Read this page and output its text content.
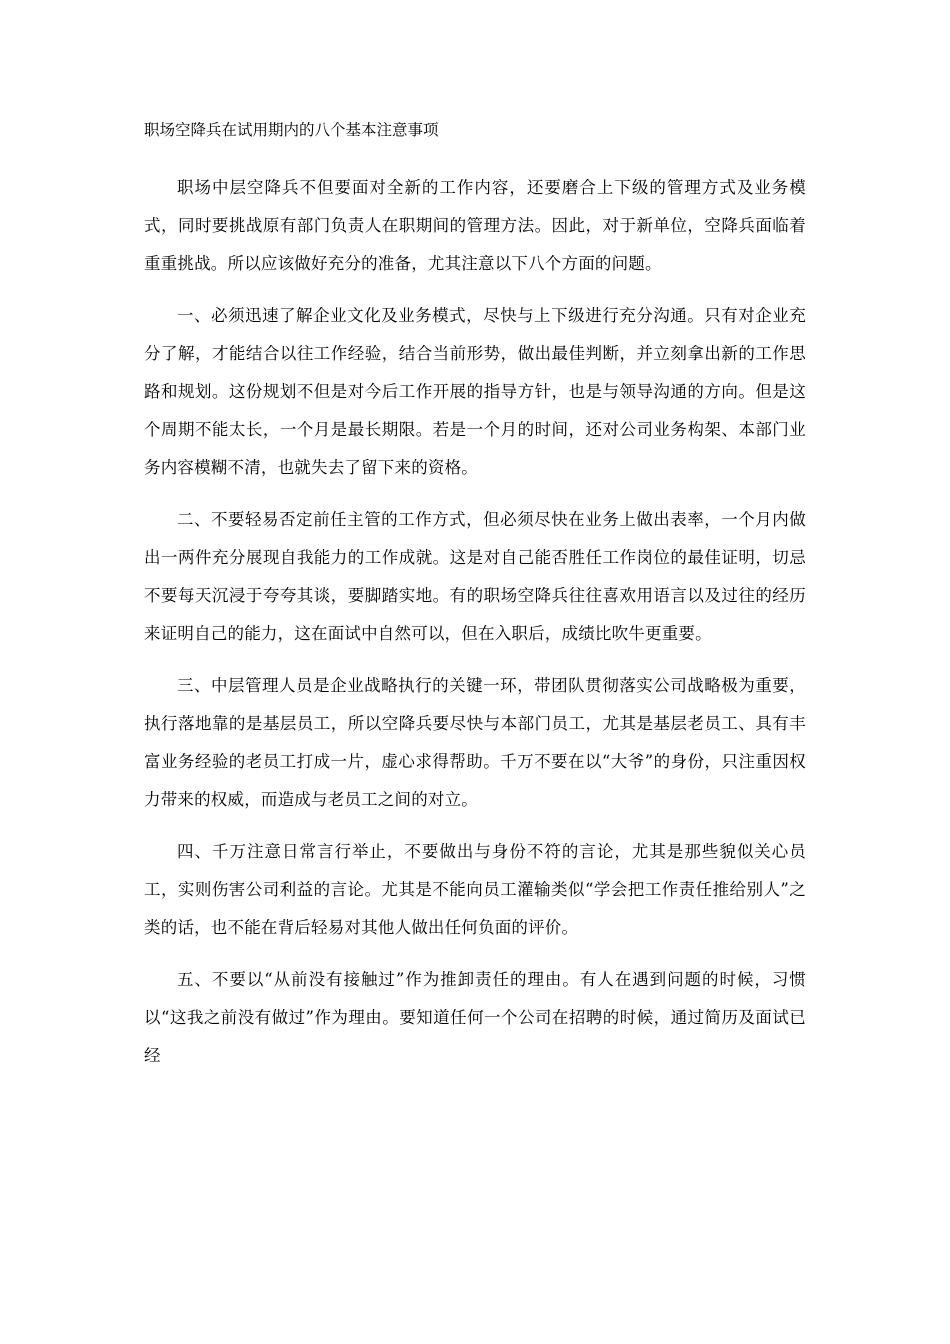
职场空降兵在试用期内的八个基本注意事项

职场中层空降兵不但要面对全新的工作内容，还要磨合上下级的管理方式及业务模式，同时要挑战原有部门负责人在职期间的管理方法。因此，对于新单位，空降兵面临着重重挑战。所以应该做好充分的准备，尤其注意以下八个方面的问题。

一、必须迅速了解企业文化及业务模式，尽快与上下级进行充分沟通。只有对企业充分了解，才能结合以往工作经验，结合当前形势，做出最佳判断，并立刻拿出新的工作思路和规划。这份规划不但是对今后工作开展的指导方针，也是与领导沟通的方向。但是这个周期不能太长，一个月是最长期限。若是一个月的时间，还对公司业务构架、本部门业务内容模糊不清，也就失去了留下来的资格。

二、不要轻易否定前任主管的工作方式，但必须尽快在业务上做出表率，一个月内做出一两件充分展现自我能力的工作成就。这是对自己能否胜任工作岗位的最佳证明，切忌不要每天沉浸于夸夸其谈，要脚踏实地。有的职场空降兵往往喜欢用语言以及过往的经历来证明自己的能力，这在面试中自然可以，但在入职后，成绩比吹牛更重要。

三、中层管理人员是企业战略执行的关键一环，带团队贯彻落实公司战略极为重要，执行落地靠的是基层员工，所以空降兵要尽快与本部门员工，尤其是基层老员工、具有丰富业务经验的老员工打成一片，虚心求得帮助。千万不要在以“大爷”的身份，只注重因权力带来的权威，而造成与老员工之间的对立。

四、千万注意日常言行举止，不要做出与身份不符的言论，尤其是那些貌似关心员工，实则伤害公司利益的言论。尤其是不能向员工灌输类似“学会把工作责任推给别人”之类的话，也不能在背后轻易对其他人做出任何负面的评价。

五、不要以“从前没有接触过”作为推卸责任的理由。有人在遇到问题的时候，习惯以“这我之前没有做过”作为理由。要知道任何一个公司在招聘的时候，通过简历及面试已经
